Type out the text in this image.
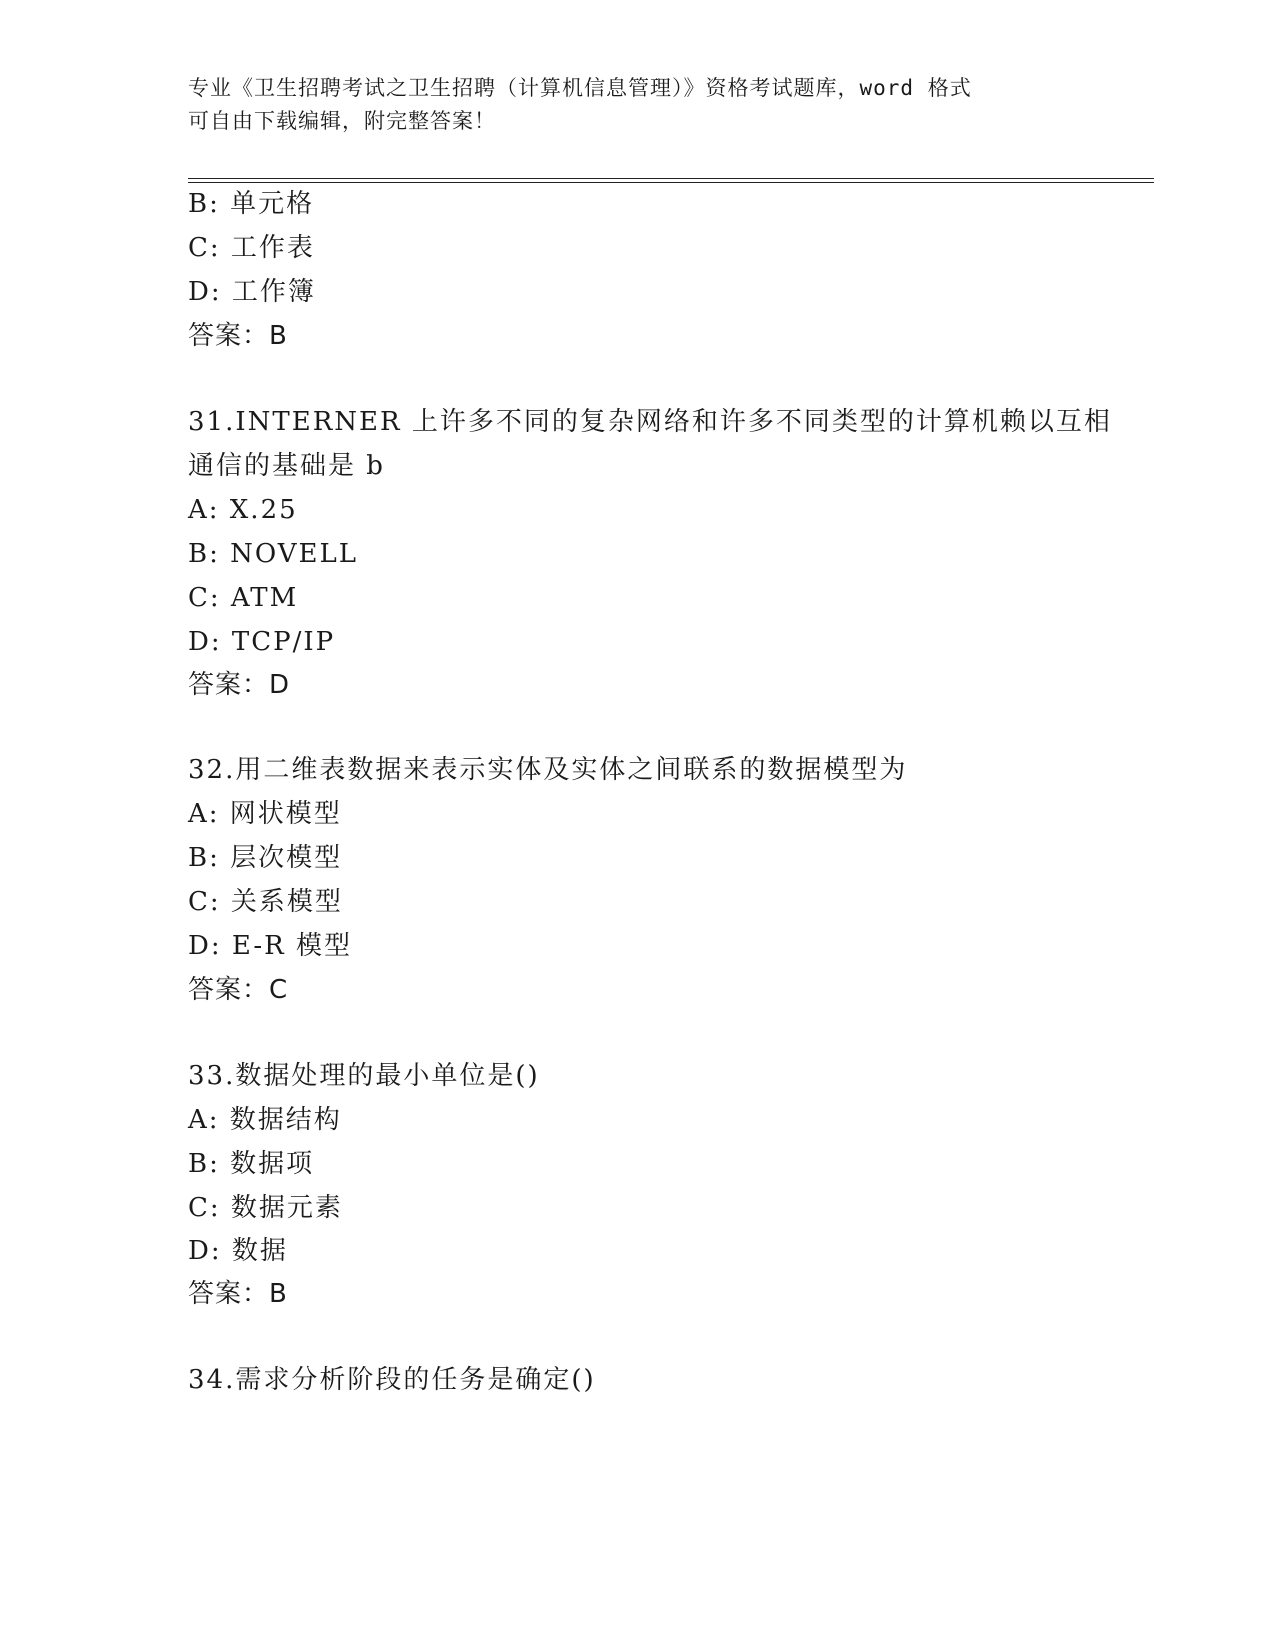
专业《卫生招聘考试之卫生招聘（计算机信息管理）》资格考试题库，word 格式
可自由下载编辑，附完整答案！
B: 单元格
C: 工作表
D: 工作簿
答案：B
31.INTERNER 上许多不同的复杂网络和许多不同类型的计算机赖以互相
通信的基础是 b
A: X.25
B: NOVELL
C: ATM
D: TCP/IP
答案：D
32.用二维表数据来表示实体及实体之间联系的数据模型为
A: 网状模型
B: 层次模型
C: 关系模型
D: E-R 模型
答案：C
33.数据处理的最小单位是()
A: 数据结构
B: 数据项
C: 数据元素
D: 数据
答案：B
34.需求分析阶段的任务是确定()
